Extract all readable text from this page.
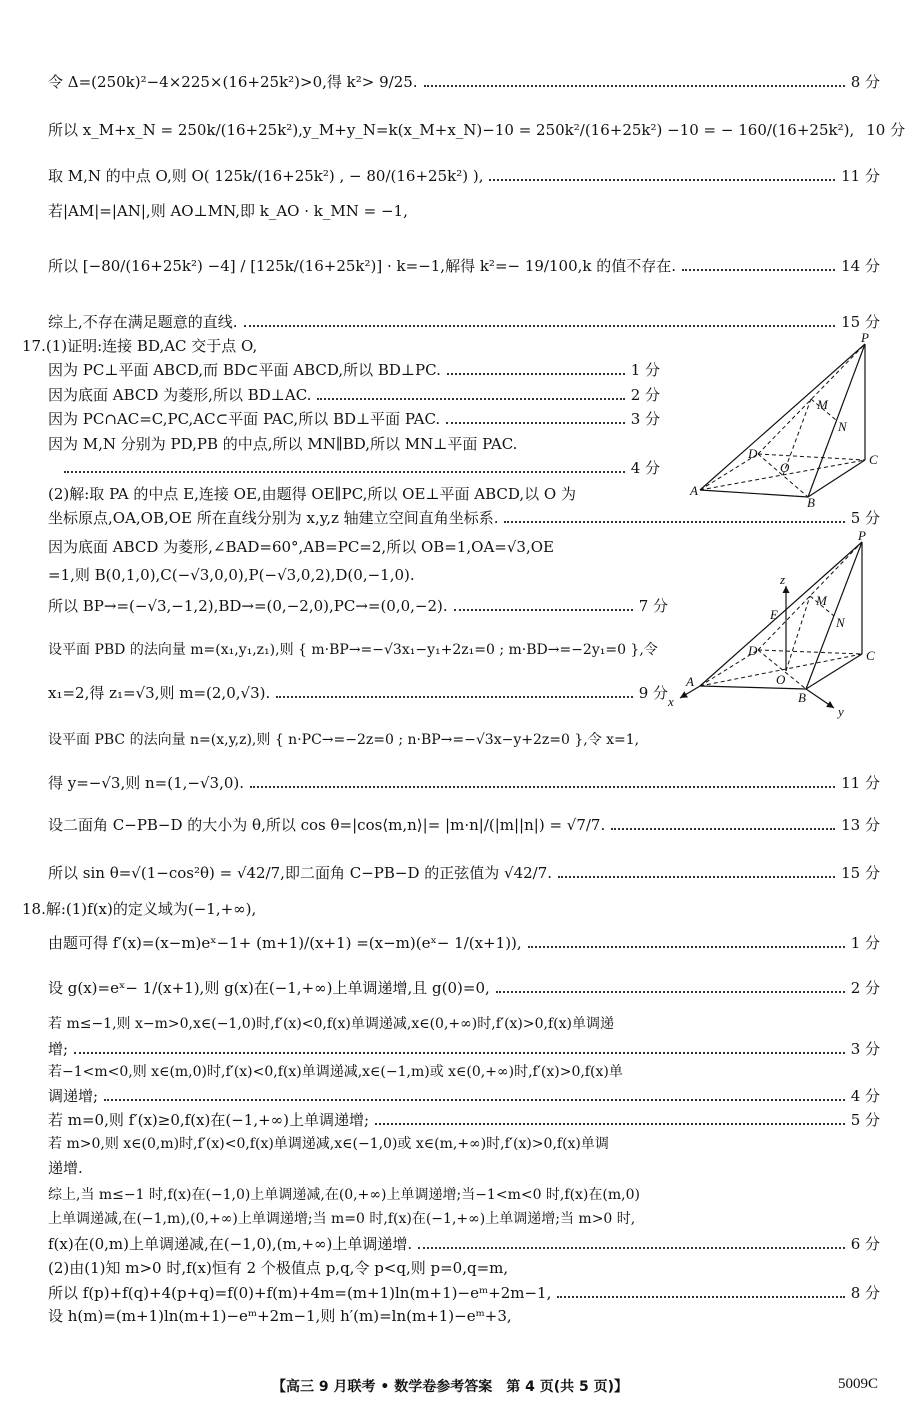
令 Δ=(250k)²−4×225×(16+25k²)>0,得 k²> 9/25.	8 分
所以 x_M+x_N = 250k/(16+25k²),y_M+y_N=k(x_M+x_N)−10 = 250k²/(16+25k²) −10 = − 160/(16+25k²), 10 分
取 M,N 的中点 O,则 O( 125k/(16+25k²) , − 80/(16+25k²) ),	11 分
若|AM|=|AN|,则 AO⊥MN,即 k_AO · k_MN = −1,
所以 [−80/(16+25k²) −4] / [125k/(16+25k²)] · k=−1,解得 k²=− 19/100,k 的值不存在.	14 分
综上,不存在满足题意的直线.	15 分
17.(1)证明:连接 BD,AC 交于点 O,
因为 PC⊥平面 ABCD,而 BD⊂平面 ABCD,所以 BD⊥PC.	1 分
因为底面 ABCD 为菱形,所以 BD⊥AC.	2 分
因为 PC∩AC=C,PC,AC⊂平面 PAC,所以 BD⊥平面 PAC.	3 分
因为 M,N 分别为 PD,PB 的中点,所以 MN∥BD,所以 MN⊥平面 PAC.
4 分
(2)解:取 PA 的中点 E,连接 OE,由题得 OE∥PC,所以 OE⊥平面 ABCD,以 O 为
坐标原点,OA,OB,OE 所在直线分别为 x,y,z 轴建立空间直角坐标系.	5 分
因为底面 ABCD 为菱形,∠BAD=60°,AB=PC=2,所以 OB=1,OA=√3,OE
=1,则 B(0,1,0),C(−√3,0,0),P(−√3,0,2),D(0,−1,0).
所以 BP→=(−√3,−1,2),BD→=(0,−2,0),PC→=(0,0,−2).	7 分
设平面 PBD 的法向量 m=(x₁,y₁,z₁),则 { m·BP→=−√3x₁−y₁+2z₁=0 ; m·BD→=−2y₁=0 },令
x₁=2,得 z₁=√3,则 m=(2,0,√3).	9 分
设平面 PBC 的法向量 n=(x,y,z),则 { n·PC→=−2z=0 ; n·BP→=−√3x−y+2z=0 },令 x=1,
得 y=−√3,则 n=(1,−√3,0).	11 分
设二面角 C−PB−D 的大小为 θ,所以 cos θ=|cos⟨m,n⟩|= |m·n|/(|m||n|) = √7/7.	13 分
所以 sin θ=√(1−cos²θ) = √42/7,即二面角 C−PB−D 的正弦值为 √42/7.	15 分
18.解:(1)f(x)的定义域为(−1,+∞),
由题可得 f′(x)=(x−m)eˣ−1+ (m+1)/(x+1) =(x−m)(eˣ− 1/(x+1)),	1 分
设 g(x)=eˣ− 1/(x+1),则 g(x)在(−1,+∞)上单调递增,且 g(0)=0,	2 分
若 m≤−1,则 x−m>0,x∈(−1,0)时,f′(x)<0,f(x)单调递减,x∈(0,+∞)时,f′(x)>0,f(x)单调递
增;	3 分
若−1<m<0,则 x∈(m,0)时,f′(x)<0,f(x)单调递减,x∈(−1,m)或 x∈(0,+∞)时,f′(x)>0,f(x)单
调递增;	4 分
若 m=0,则 f′(x)≥0,f(x)在(−1,+∞)上单调递增;	5 分
若 m>0,则 x∈(0,m)时,f′(x)<0,f(x)单调递减,x∈(−1,0)或 x∈(m,+∞)时,f′(x)>0,f(x)单调
递增.
综上,当 m≤−1 时,f(x)在(−1,0)上单调递减,在(0,+∞)上单调递增;当−1<m<0 时,f(x)在(m,0)
上单调递减,在(−1,m),(0,+∞)上单调递增;当 m=0 时,f(x)在(−1,+∞)上单调递增;当 m>0 时,
f(x)在(0,m)上单调递减,在(−1,0),(m,+∞)上单调递增.	6 分
(2)由(1)知 m>0 时,f(x)恒有 2 个极值点 p,q,令 p<q,则 p=0,q=m,
所以 f(p)+f(q)+4(p+q)=f(0)+f(m)+4m=(m+1)ln(m+1)−eᵐ+2m−1,	8 分
设 h(m)=(m+1)ln(m+1)−eᵐ+2m−1,则 h′(m)=ln(m+1)−eᵐ+3,
P
M
N
D
O
C
A
B
P
z
E
M
N
D	C
A	O
B
x
y
【高三 9 月联考 • 数学卷参考答案　第 4 页(共 5 页)】	5009C
